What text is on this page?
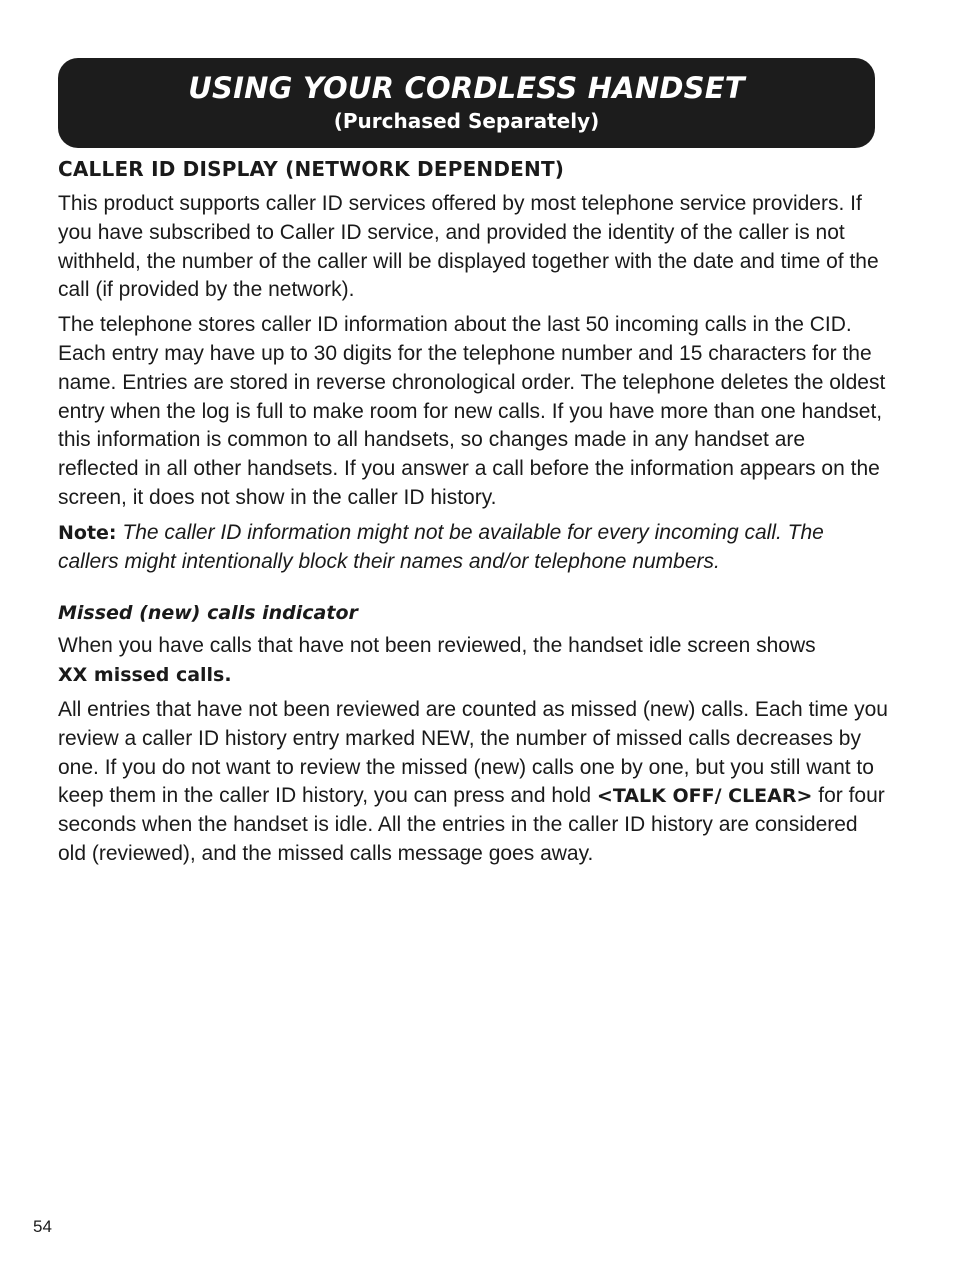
USING YOUR CORDLESS HANDSET
(Purchased Separately)
CALLER ID DISPLAY (NETWORK DEPENDENT)

This product supports caller ID services offered by most telephone service providers. If you have subscribed to Caller ID service, and provided the identity of the caller is not withheld, the number of the caller will be displayed together with the date and time of the call (if provided by the network).

The telephone stores caller ID information about the last 50 incoming calls in the CID. Each entry may have up to 30 digits for the telephone number and 15 characters for the name. Entries are stored in reverse chronological order. The telephone deletes the oldest entry when the log is full to make room for new calls. If you have more than one handset, this information is common to all handsets, so changes made in any handset are reflected in all other handsets. If you answer a call before the information appears on the screen, it does not show in the caller ID history.

Note: The caller ID information might not be available for every incoming call. The callers might intentionally block their names and/or telephone numbers.

Missed (new) calls indicator

When you have calls that have not been reviewed, the handset idle screen shows
XX missed calls.

All entries that have not been reviewed are counted as missed (new) calls. Each time you review a caller ID history entry marked NEW, the number of missed calls decreases by one. If you do not want to review the missed (new) calls one by one, but you still want to keep them in the caller ID history, you can press and hold <TALK OFF/ CLEAR> for four seconds when the handset is idle. All the entries in the caller ID history are considered old (reviewed), and the missed calls message goes away.

54
